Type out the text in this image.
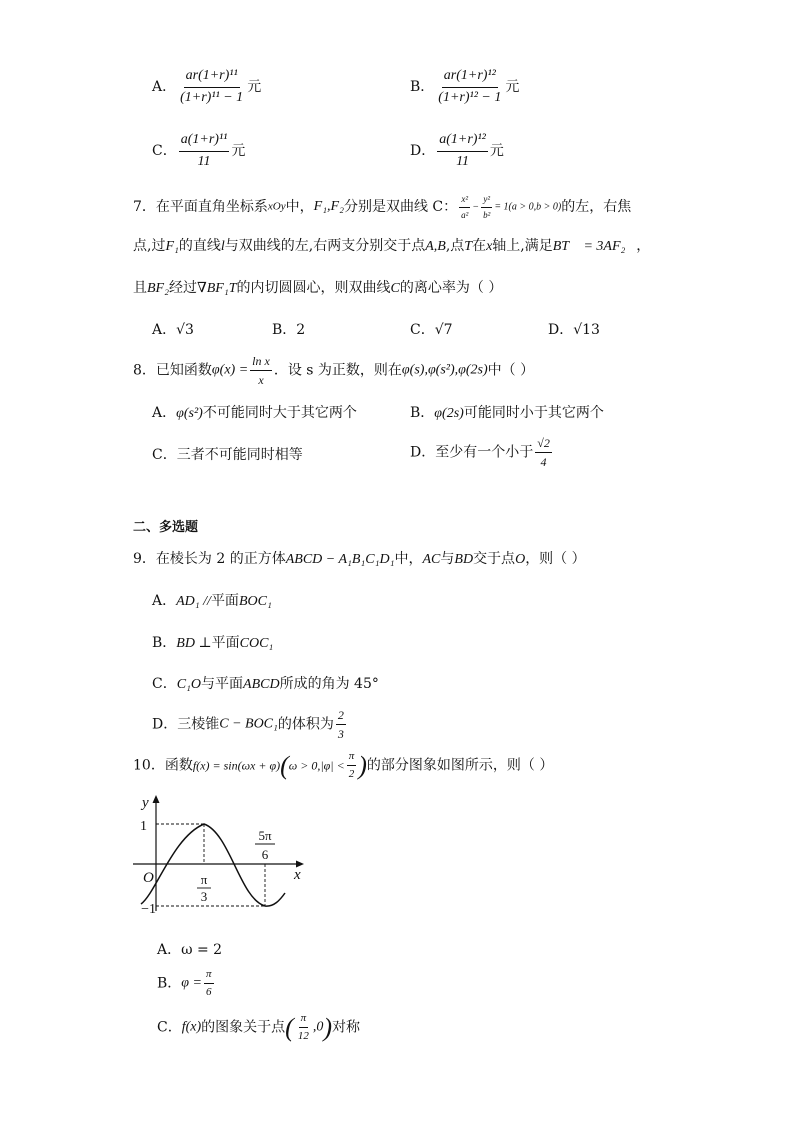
A． $\frac{\text{ar(1+r)¹¹}}{\text{(1+r)¹¹ − 1}}$ 元	B． $\frac{\text{ar(1+r)¹²}}{\text{(1+r)¹² − 1}}$ 元
C． $\frac{\text{a(1+r)¹¹}}{11}$ 元	D． $\frac{\text{a(1+r)¹²}}{11}$ 元
7．在平面直角坐标系xOy中，F₁,F₂分别是双曲线 C： $\frac{\text{x²}}{\text{a²}} - \frac{\text{y²}}{\text{b²}} = 1(a > 0,b > 0)$的左，右焦
点,过F₁的直线l与双曲线的左,右两支分别交于点A,B,点T在x轴上,满足BT⃗ = 3AF₂⃗，
且BF₂经过∇BF₁T的内切圆圆心，则双曲线C的离心率为（ ）
A．√3	B．2	C．√7	D．√13
8．已知函数$\varphi(x) = \frac{\text{ln x}}{x}$ ．设 s 为正数，则在φ(s),φ(s²),φ(2s)中（ ）
A．φ(s²)不可能同时大于其它两个	B．φ(2s)可能同时小于其它两个
C．三者不可能同时相等	D．至少有一个小于 $\frac{√2}{4}$
二、多选题
9．在棱长为 2 的正方体ABCD − A₁B₁C₁D₁中，AC与BD交于点O，则（ ）
A．AD₁ //平面BOC₁
B．BD ⊥平面COC₁
C．C₁O与平面ABCD所成的角为 45°
D．三棱锥C − BOC₁的体积为 $\frac{2}{3}$
10．函数$f(x) = \sin(\omega x + \varphi)(\omega > 0,|\varphi| < \frac{\pi}{2}$ )的部分图象如图所示，则（ ）
y
x
O
1
−1
π
3
5π
6
A．ω = 2
B．$\varphi = \frac{\pi}{6}$
C．f(x)的图象关于点( $\frac{\pi}{12} ,0$)对称
